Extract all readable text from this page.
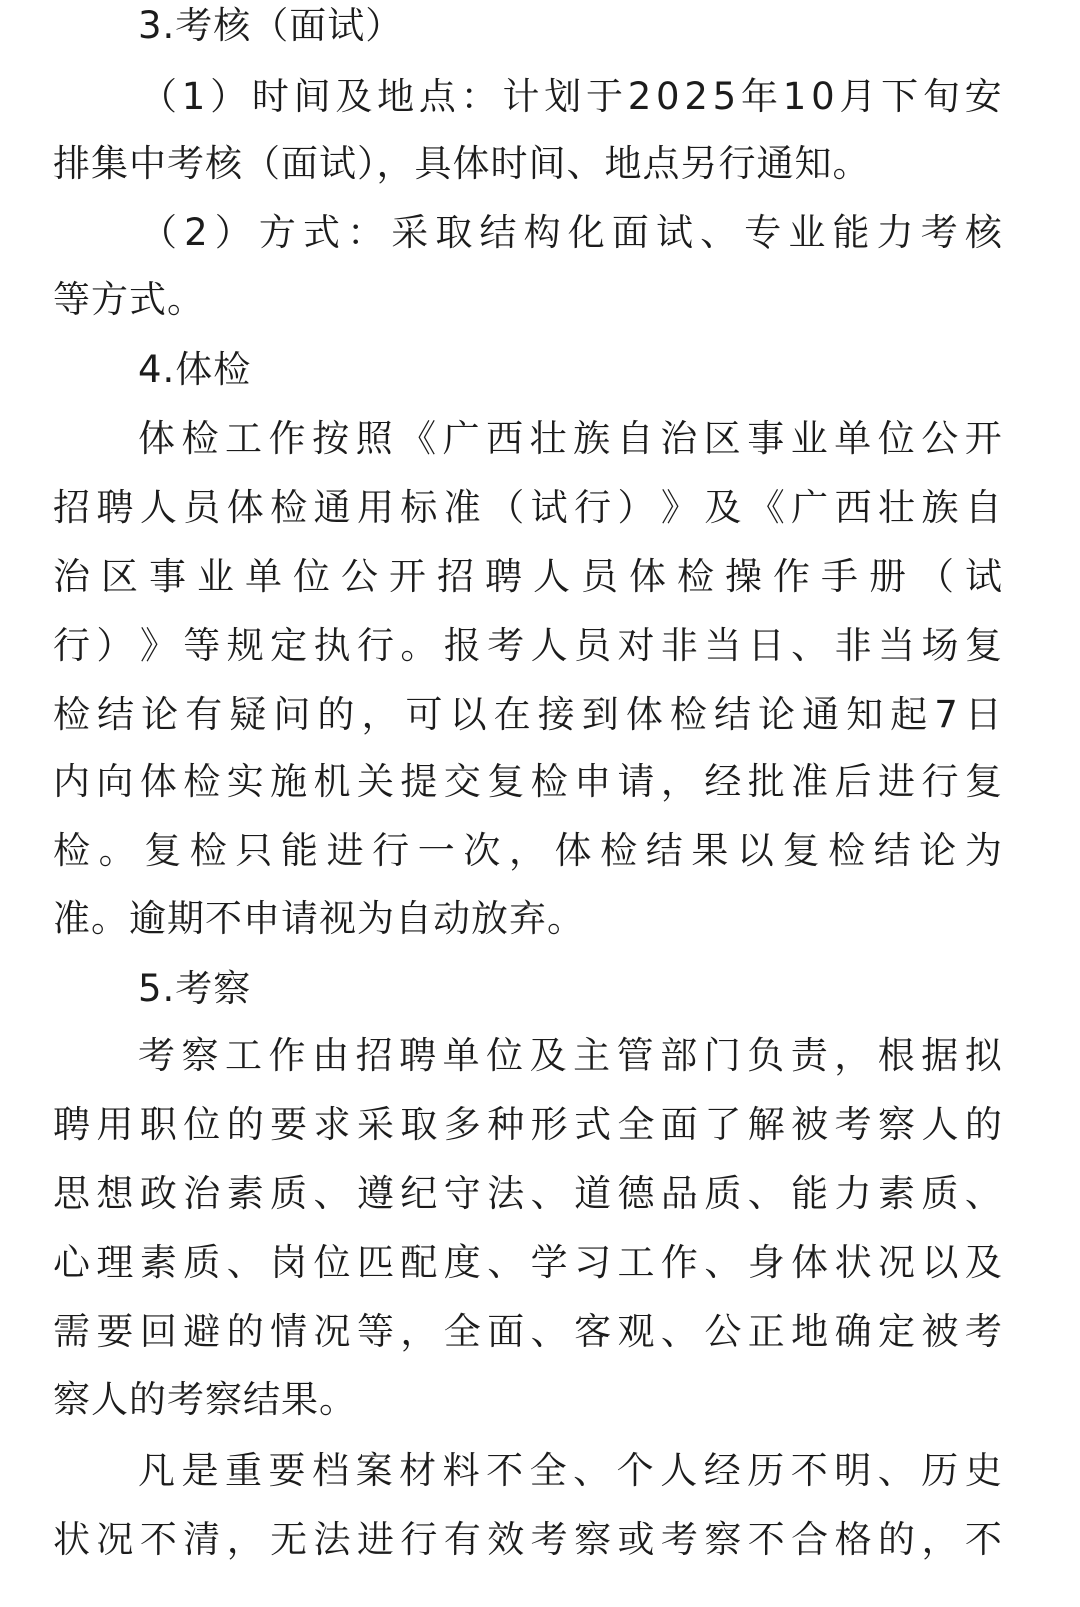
3.考核（面试）
（ 1 ） 时 间 及 地 点 ： 计 划 于 2 0 2 5 年 1 0 月 下 旬 安
排集中考核（面试），具体时间、地点另行通知。
（ 2 ） 方 式 ： 采 取 结 构 化 面 试 、 专 业 能 力 考 核
等方式。
4.体检
体 检 工 作 按 照 《 广 西 壮 族 自 治 区 事 业 单 位 公 开
招 聘 人 员 体 检 通 用 标 准 （ 试 行 ） 》 及 《 广 西 壮 族 自
治 区 事 业 单 位 公 开 招 聘 人 员 体 检 操 作 手 册 （ 试
行 ） 》 等 规 定 执 行 。 报 考 人 员 对 非 当 日 、 非 当 场 复
检 结 论 有 疑 问 的 ， 可 以 在 接 到 体 检 结 论 通 知 起 7 日
内 向 体 检 实 施 机 关 提 交 复 检 申 请 ， 经 批 准 后 进 行 复
检 。 复 检 只 能 进 行 一 次 ， 体 检 结 果 以 复 检 结 论 为
准。逾期不申请视为自动放弃。
5.考察
考 察 工 作 由 招 聘 单 位 及 主 管 部 门 负 责 ， 根 据 拟
聘 用 职 位 的 要 求 采 取 多 种 形 式 全 面 了 解 被 考 察 人 的
思 想 政 治 素 质 、 遵 纪 守 法 、 道 德 品 质 、 能 力 素 质 、
心 理 素 质 、 岗 位 匹 配 度 、 学 习 工 作 、 身 体 状 况 以 及
需 要 回 避 的 情 况 等 ， 全 面 、 客 观 、 公 正 地 确 定 被 考
察人的考察结果。
凡 是 重 要 档 案 材 料 不 全 、 个 人 经 历 不 明 、 历 史
状 况 不 清 ， 无 法 进 行 有 效 考 察 或 考 察 不 合 格 的 ， 不
